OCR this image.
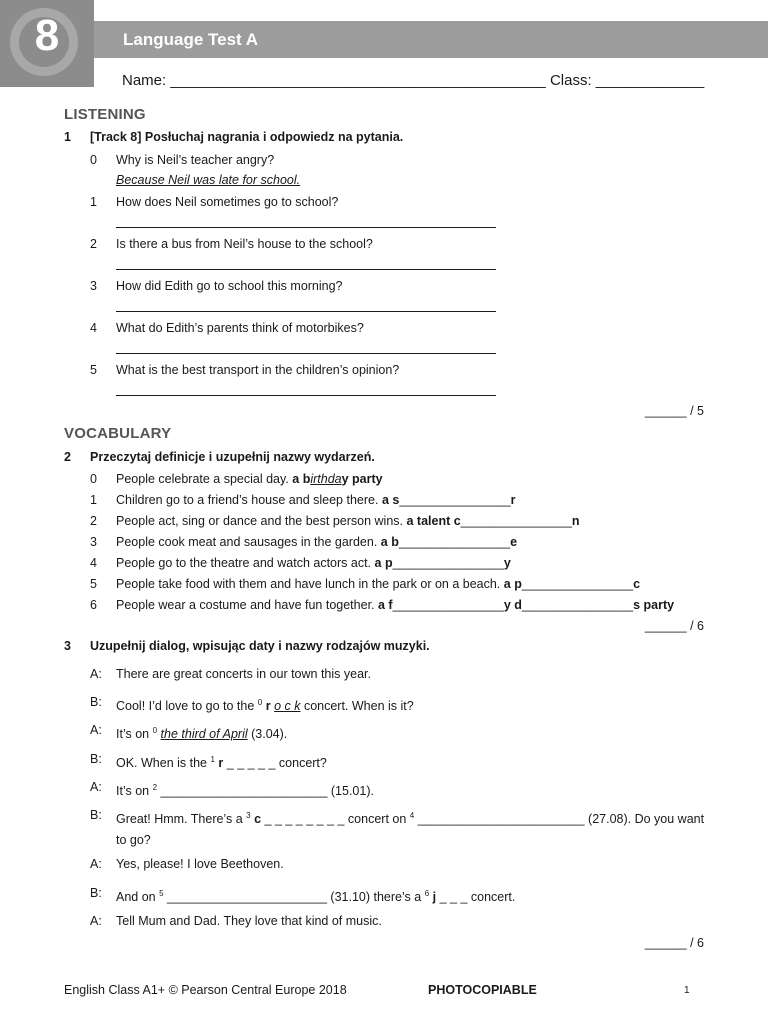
8	Language Test A
Name: _____________________________________________ Class: _____________
LISTENING
1 [Track 8] Posłuchaj nagrania i odpowiedz na pytania.
0 Why is Neil’s teacher angry?
Because Neil was late for school.
1 How does Neil sometimes go to school?
2 Is there a bus from Neil’s house to the school?
3 How did Edith go to school this morning?
4 What do Edith’s parents think of motorbikes?
5 What is the best transport in the children’s opinion?
______ / 5
VOCABULARY
2 Przeczytaj definicje i uzupełnij nazwy wydarzeń.
0 People celebrate a special day. a birthday party
1 Children go to a friend’s house and sleep there. a s________________r
2 People act, sing or dance and the best person wins. a talent c________________n
3 People cook meat and sausages in the garden. a b________________e
4 People go to the theatre and watch actors act. a p________________y
5 People take food with them and have lunch in the park or on a beach. a p________________c
6 People wear a costume and have fun together. a f________________y d________________s party
______ / 6
3 Uzupełnij dialog, wpisując daty i nazwy rodzajów muzyki.
A: There are great concerts in our town this year.
B: Cool! I’d love to go to the $^0$ r o c k concert. When is it?
A: It’s on $^0$ the third of April (3.04).
B: OK. When is the $^1$ r _ _ _ _ _ concert?
A: It’s on $^2$ ________________________ (15.01).
B: Great! Hmm. There’s a $^3$ c _ _ _ _ _ _ _ _ concert on $^4$ ________________________ (27.08). Do you want to go?
A: Yes, please! I love Beethoven.
B: And on $^5$ _______________________ (31.10) there’s a $^6$ j _ _ _ concert.
A: Tell Mum and Dad. They love that kind of music.
______ / 6
English Class A1+ © Pearson Central Europe 2018	PHOTOCOPIABLE	1
